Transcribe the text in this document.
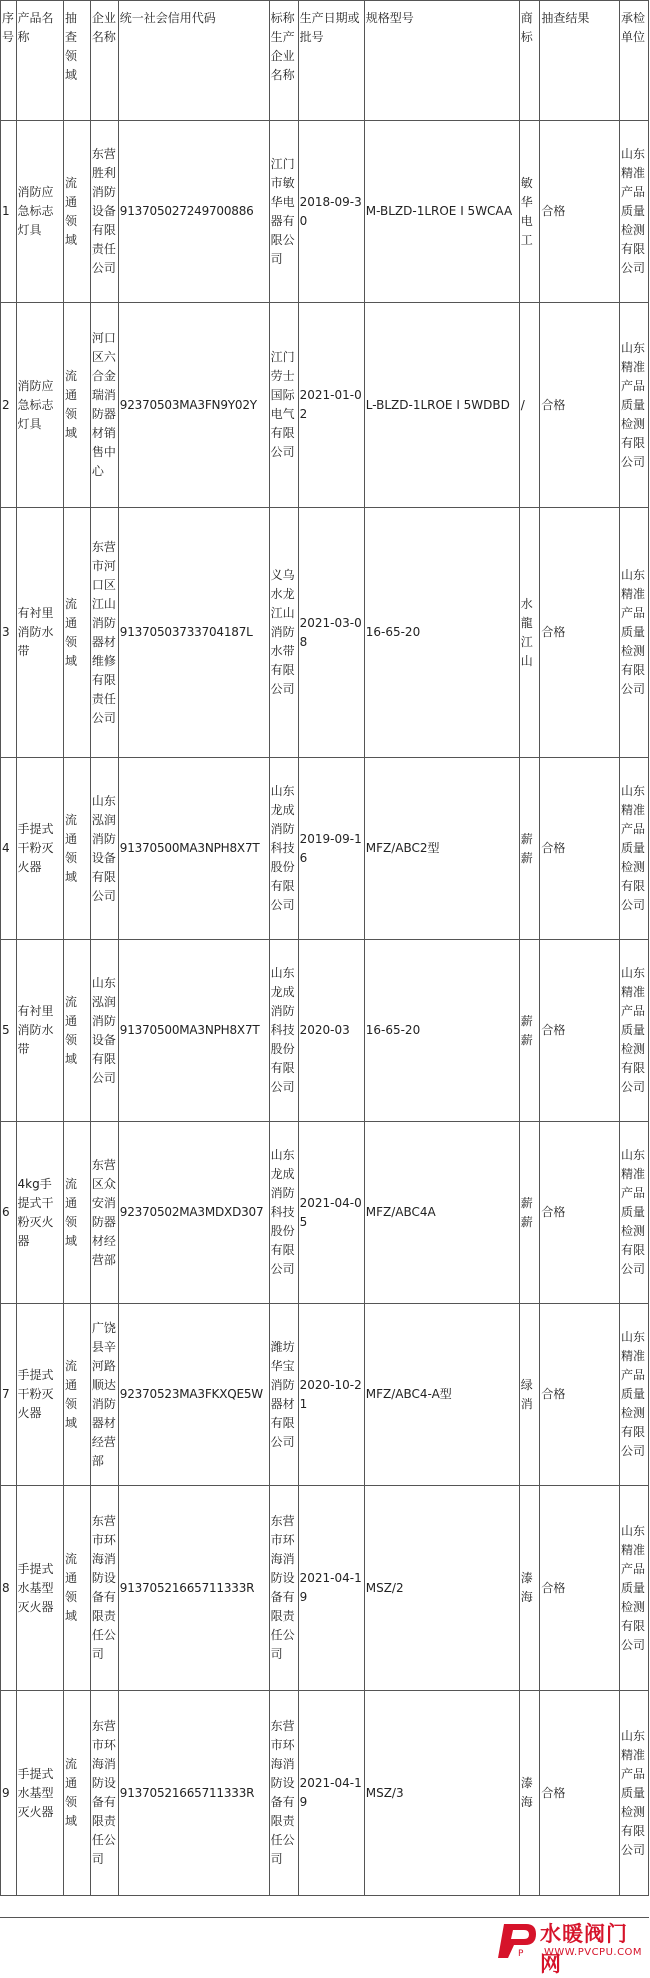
序号	产品名称	抽查领域	企业名称	统一社会信用代码	标称生产企业名称	生产日期或批号	规格型号	商标	抽查结果	承检单位
1	消防应急标志灯具	流通领域	东营胜利消防设备有限责任公司	913705027249700886	江门市敏华电器有限公司	2018-09-30	M-BLZD-1LROE I 5WCAA	敏华电工	合格	山东精准产品质量检测有限公司
2	消防应急标志灯具	流通领域	河口区六合金瑞消防器材销售中心	92370503MA3FN9Y02Y	江门劳士国际电气有限公司	2021-01-02	L-BLZD-1LROE I 5WDBD	/	合格	山东精准产品质量检测有限公司
3	有衬里消防水带	流通领域	东营市河口区江山消防器材维修有限责任公司	91370503733704187L	义乌水龙江山消防水带有限公司	2021-03-08	16-65-20	水龍江山	合格	山东精准产品质量检测有限公司
4	手提式干粉灭火器	流通领域	山东泓润消防设备有限公司	91370500MA3NPH8X7T	山东龙成消防科技股份有限公司	2019-09-16	MFZ/ABC2型	薪薪	合格	山东精准产品质量检测有限公司
5	有衬里消防水带	流通领域	山东泓润消防设备有限公司	91370500MA3NPH8X7T	山东龙成消防科技股份有限公司	2020-03	16-65-20	薪薪	合格	山东精准产品质量检测有限公司
6	4kg手提式干粉灭火器	流通领域	东营区众安消防器材经营部	92370502MA3MDXD307	山东龙成消防科技股份有限公司	2021-04-05	MFZ/ABC4A	薪薪	合格	山东精准产品质量检测有限公司
7	手提式干粉灭火器	流通领域	广饶县辛河路顺达消防器材经营部	92370523MA3FKXQE5W	潍坊华宝消防器材有限公司	2020-10-21	MFZ/ABC4-A型	绿消	合格	山东精准产品质量检测有限公司
8	手提式水基型灭火器	流通领域	东营市环海消防设备有限责任公司	91370521665711333R	东营市环海消防设备有限责任公司	2021-04-19	MSZ/2	溙海	合格	山东精准产品质量检测有限公司
9	手提式水基型灭火器	流通领域	东营市环海消防设备有限责任公司	91370521665711333R	东营市环海消防设备有限责任公司	2021-04-19	MSZ/3	溙海	合格	山东精准产品质量检测有限公司
P
水暖阀门网
WWW.PVCPU.COM
